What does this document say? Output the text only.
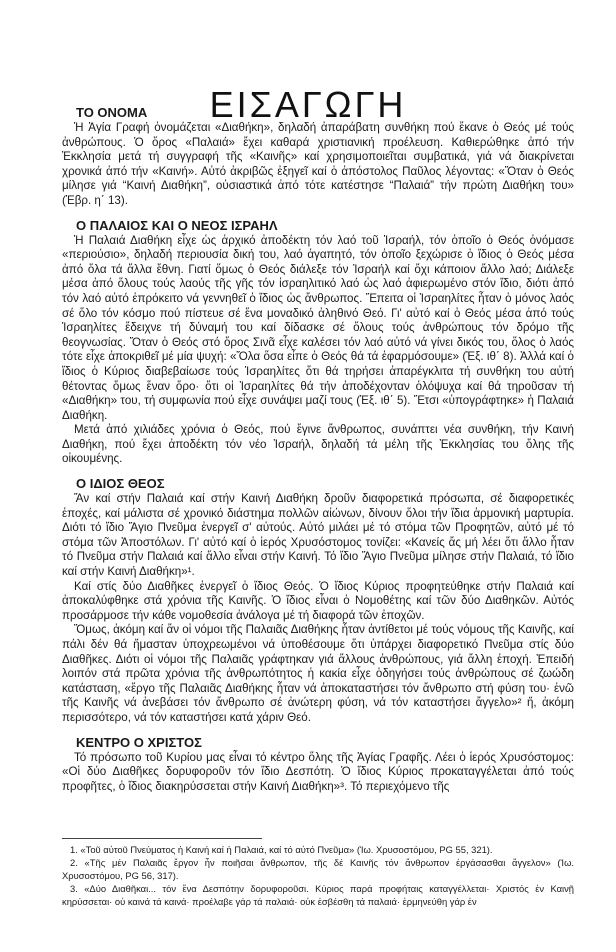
ΕΙΣΑΓΩΓΗ
ΤΟ ΟΝΟΜΑ

Ἡ Ἁγία Γραφή ὀνομάζεται «Διαθήκη», δηλαδή ἀπαράβατη συνθήκη πού ἔκανε ὁ Θεός μέ τούς ἀνθρώπους. Ὁ ὅρος «Παλαιά» ἔχει καθαρά χριστιανική προέλευση. Καθιερώθηκε ἀπό τήν Ἐκκλησία μετά τή συγγραφή τῆς «Καινῆς» καί χρησιμοποιεῖται συμβατικά, γιά νά διακρίνεται χρονικά ἀπό τήν «Καινή». Αὐτό ἀκριβῶς ἐξηγεῖ καί ὁ ἀπόστολος Παῦλος λέγοντας: «Ὅταν ὁ Θεός μίλησε γιά “Καινή Διαθήκη”, οὐσιαστικά ἀπό τότε κατέστησε “Παλαιά” τήν πρώτη Διαθήκη του» (Ἑβρ. η΄ 13).

Ο ΠΑΛΑΙΟΣ ΚΑΙ Ο ΝΕΟΣ ΙΣΡΑΗΛ

Ἡ Παλαιά Διαθήκη εἶχε ὡς ἀρχικό ἀποδέκτη τόν λαό τοῦ Ἰσραήλ, τόν ὁποῖο ὁ Θεός ὀνόμασε «περιούσιο», δηλαδή περιουσία δική του, λαό ἀγαπητό, τόν ὁποῖο ξεχώρισε ὁ ἴδιος ὁ Θεός μέσα ἀπό ὅλα τά ἄλλα ἔθνη. Γιατί ὅμως ὁ Θεός διάλεξε τόν Ἰσραήλ καί ὄχι κάποιον ἄλλο λαό; Διάλεξε μέσα ἀπό ὅλους τούς λαούς τῆς γῆς τόν ἰσραηλιτικό λαό ὡς λαό ἀφιερωμένο στόν ἴδιο, διότι ἀπό τόν λαό αὐτό ἐπρόκειτο νά γεννηθεῖ ὁ ἴδιος ὡς ἄνθρωπος. Ἔπειτα οἱ Ἰσραηλίτες ἦταν ὁ μόνος λαός σέ ὅλο τόν κόσμο πού πίστευε σέ ἕνα μοναδικό ἀληθινό Θεό. Γι' αὐτό καί ὁ Θεός μέσα ἀπό τούς Ἰσραηλίτες ἔδειχνε τή δύναμή του καί δίδασκε σέ ὅλους τούς ἀνθρώπους τόν δρόμο τῆς θεογνωσίας. Ὅταν ὁ Θεός στό ὄρος Σινᾶ εἶχε καλέσει τόν λαό αὐτό νά γίνει δικός του, ὅλος ὁ λαός τότε εἶχε ἀποκριθεῖ μέ μία ψυχή: «Ὅλα ὅσα εἶπε ὁ Θεός θά τά ἐφαρμόσουμε» (Ἐξ. ιθ΄ 8). Ἀλλά καί ὁ ἴδιος ὁ Κύριος διαβεβαίωσε τούς Ἰσραηλίτες ὅτι θά τηρήσει ἀπαρέγκλιτα τή συνθήκη του αὐτή θέτοντας ὅμως ἕναν ὅρο· ὅτι οἱ Ἰσραηλίτες θά τήν ἀποδέχονταν ὁλόψυχα καί θά τηροῦσαν τή «Διαθήκη» του, τή συμφωνία πού εἶχε συνάψει μαζί τους (Ἐξ. ιθ΄ 5). Ἔτσι «ὑπογράφτηκε» ἡ Παλαιά Διαθήκη.

Μετά ἀπό χιλιάδες χρόνια ὁ Θεός, πού ἔγινε ἄνθρωπος, συνάπτει νέα συνθήκη, τήν Καινή Διαθήκη, πού ἔχει ἀποδέκτη τόν νέο Ἰσραήλ, δηλαδή τά μέλη τῆς Ἐκκλησίας του ὅλης τῆς οἰκουμένης.

Ο ΙΔΙΟΣ ΘΕΟΣ

Ἄν καί στήν Παλαιά καί στήν Καινή Διαθήκη δροῦν διαφορετικά πρόσωπα, σέ διαφορετικές ἐποχές, καί μάλιστα σέ χρονικό διάστημα πολλῶν αἰώνων, δίνουν ὅλοι τήν ἴδια ἁρμονική μαρτυρία. Διότι τό ἴδιο Ἅγιο Πνεῦμα ἐνεργεῖ σ' αὐτούς. Αὐτό μιλάει μέ τό στόμα τῶν Προφητῶν, αὐτό μέ τό στόμα τῶν Ἀποστόλων. Γι' αὐτό καί ὁ ἱερός Χρυσόστομος τονίζει: «Κανείς ἄς μή λέει ὅτι ἄλλο ἦταν τό Πνεῦμα στήν Παλαιά καί ἄλλο εἶναι στήν Καινή. Τό ἴδιο Ἅγιο Πνεῦμα μίλησε στήν Παλαιά, τό ἴδιο καί στήν Καινή Διαθήκη»¹.

Καί στίς δύο Διαθῆκες ἐνεργεῖ ὁ ἴδιος Θεός. Ὁ ἴδιος Κύριος προφητεύθηκε στήν Παλαιά καί ἀποκαλύφθηκε στά χρόνια τῆς Καινῆς. Ὁ ἴδιος εἶναι ὁ Νομοθέτης καί τῶν δύο Διαθηκῶν. Αὐτός προσάρμοσε τήν κάθε νομοθεσία ἀνάλογα μέ τή διαφορά τῶν ἐποχῶν.

Ὅμως, ἀκόμη καί ἄν οἱ νόμοι τῆς Παλαιᾶς Διαθήκης ἦταν ἀντίθετοι μέ τούς νόμους τῆς Καινῆς, καί πάλι δέν θά ἤμασταν ὑποχρεωμένοι νά ὑποθέσουμε ὅτι ὑπάρχει διαφορετικό Πνεῦμα στίς δύο Διαθῆκες. Διότι οἱ νόμοι τῆς Παλαιᾶς γράφτηκαν γιά ἄλλους ἀνθρώπους, γιά ἄλλη ἐποχή. Ἐπειδή λοιπόν στά πρῶτα χρόνια τῆς ἀνθρωπότητος ἡ κακία εἶχε ὁδηγήσει τούς ἀνθρώπους σέ ζωώδη κατάσταση, «ἔργο τῆς Παλαιᾶς Διαθήκης ἦταν νά ἀποκαταστήσει τόν ἄνθρωπο στή φύση του· ἐνῶ τῆς Καινῆς νά ἀνεβάσει τόν ἄνθρωπο σέ ἀνώτερη φύση, νά τόν καταστήσει ἄγγελο»² ἤ, ἀκόμη περισσότερο, νά τόν καταστήσει κατά χάριν Θεό.

ΚΕΝΤΡΟ Ο ΧΡΙΣΤΟΣ

Τό πρόσωπο τοῦ Κυρίου μας εἶναι τό κέντρο ὅλης τῆς Ἁγίας Γραφῆς. Λέει ὁ ἱερός Χρυσόστομος: «Οἱ δύο Διαθῆκες δορυφοροῦν τόν ἴδιο Δεσπότη. Ὁ ἴδιος Κύριος προκαταγγέλεται ἀπό τούς προφῆτες, ὁ ἴδιος διακηρύσσεται στήν Καινή Διαθήκη»³. Τό περιεχόμενο τῆς

1. «Τοῦ αὐτοῦ Πνεύματος ἡ Καινή καί ἡ Παλαιά, καί τό αὐτό Πνεῦμα» (Ἰω. Χρυσοστόμου, PG 55, 321).

2. «Τῆς μέν Παλαιᾶς ἔργον ἦν ποιῆσαι ἄνθρωπον, τῆς δέ Καινῆς τόν ἄνθρωπον ἐργάσασθαι ἄγγελον» (Ἰω. Χρυσοστόμου, PG 56, 317).

3. «Δύο Διαθῆκαι... τόν ἕνα Δεσπότην δορυφοροῦσι. Κύριος παρά προφήταις καταγγέλλεται· Χριστός ἐν Καινῇ κηρύσσεται· οὐ καινά τά καινά· προέλαβε γάρ τά παλαιά· οὐκ ἐσβέσθη τά παλαιά· ἑρμηνεύθη γάρ ἐν
